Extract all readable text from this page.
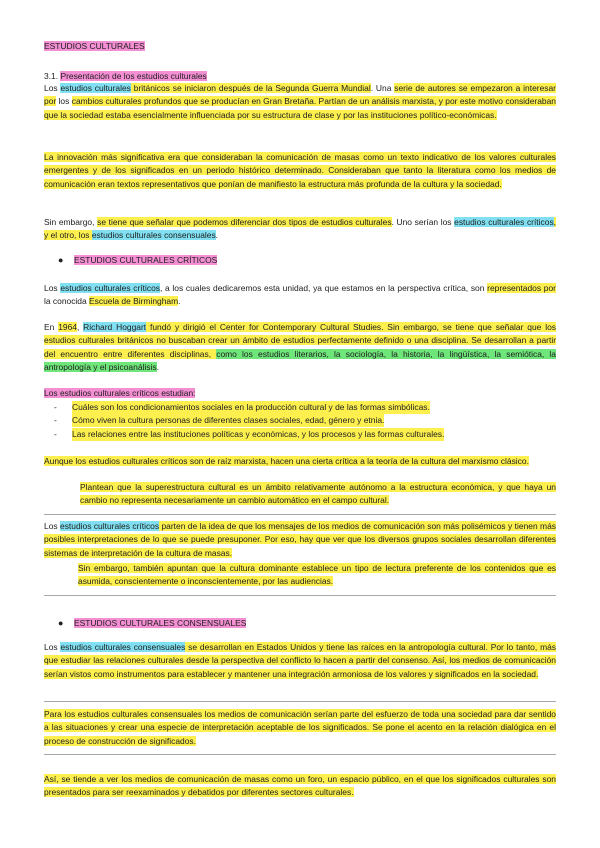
ESTUDIOS CULTURALES
3.1. Presentación de los estudios culturales

Los estudios culturales británicos se iniciaron después de la Segunda Guerra Mundial. Una serie de autores se empezaron a interesar por los cambios culturales profundos que se producían en Gran Bretaña. Partían de un análisis marxista, y por este motivo consideraban que la sociedad estaba esencialmente influenciada por su estructura de clase y por las instituciones político-económicas.

La innovación más significativa era que consideraban la comunicación de masas como un texto indicativo de los valores culturales emergentes y de los significados en un periodo histórico determinado. Consideraban que tanto la literatura como los medios de comunicación eran textos representativos que ponían de manifiesto la estructura más profunda de la cultura y la sociedad.

Sin embargo, se tiene que señalar que podemos diferenciar dos tipos de estudios culturales. Uno serían los estudios culturales críticos, y el otro, los estudios culturales consensuales.

● ESTUDIOS CULTURALES CRÍTICOS

Los estudios culturales críticos, a los cuales dedicaremos esta unidad, ya que estamos en la perspectiva crítica, son representados por la conocida Escuela de Birmingham.

En 1964, Richard Hoggart fundó y dirigió el Center for Contemporary Cultural Studies. Sin embargo, se tiene que señalar que los estudios culturales británicos no buscaban crear un ámbito de estudios perfectamente definido o una disciplina. Se desarrollan a partir del encuentro entre diferentes disciplinas, como los estudios literarios, la sociología, la historia, la lingüística, la semiótica, la antropología y el psicoanálisis.

Los estudios culturales críticos estudian:
- Cuáles son los condicionamientos sociales en la producción cultural y de las formas simbólicas.
- Cómo viven la cultura personas de diferentes clases sociales, edad, género y etnia.
- Las relaciones entre las instituciones políticas y económicas, y los procesos y las formas culturales.

Aunque los estudios culturales críticos son de raíz marxista, hacen una cierta crítica a la teoría de la cultura del marxismo clásico.

Plantean que la superestructura cultural es un ámbito relativamente autónomo a la estructura económica, y que haya un cambio no representa necesariamente un cambio automático en el campo cultural.

Los estudios culturales críticos parten de la idea de que los mensajes de los medios de comunicación son más polisémicos y tienen más posibles interpretaciones de lo que se puede presuponer. Por eso, hay que ver que los diversos grupos sociales desarrollan diferentes sistemas de interpretación de la cultura de masas.

Sin embargo, también apuntan que la cultura dominante establece un tipo de lectura preferente de los contenidos que es asumida, conscientemente o inconscientemente, por las audiencias.

● ESTUDIOS CULTURALES CONSENSUALES

Los estudios culturales consensuales se desarrollan en Estados Unidos y tiene las raíces en la antropología cultural. Por lo tanto, más que estudiar las relaciones culturales desde la perspectiva del conflicto lo hacen a partir del consenso. Así, los medios de comunicación serían vistos como instrumentos para establecer y mantener una integración armoniosa de los valores y significados en la sociedad.

Para los estudios culturales consensuales los medios de comunicación serían parte del esfuerzo de toda una sociedad para dar sentido a las situaciones y crear una especie de interpretación aceptable de los significados. Se pone el acento en la relación dialógica en el proceso de construcción de significados.

Así, se tiende a ver los medios de comunicación de masas como un foro, un espacio público, en el que los significados culturales son presentados para ser reexaminados y debatidos por diferentes sectores culturales.
